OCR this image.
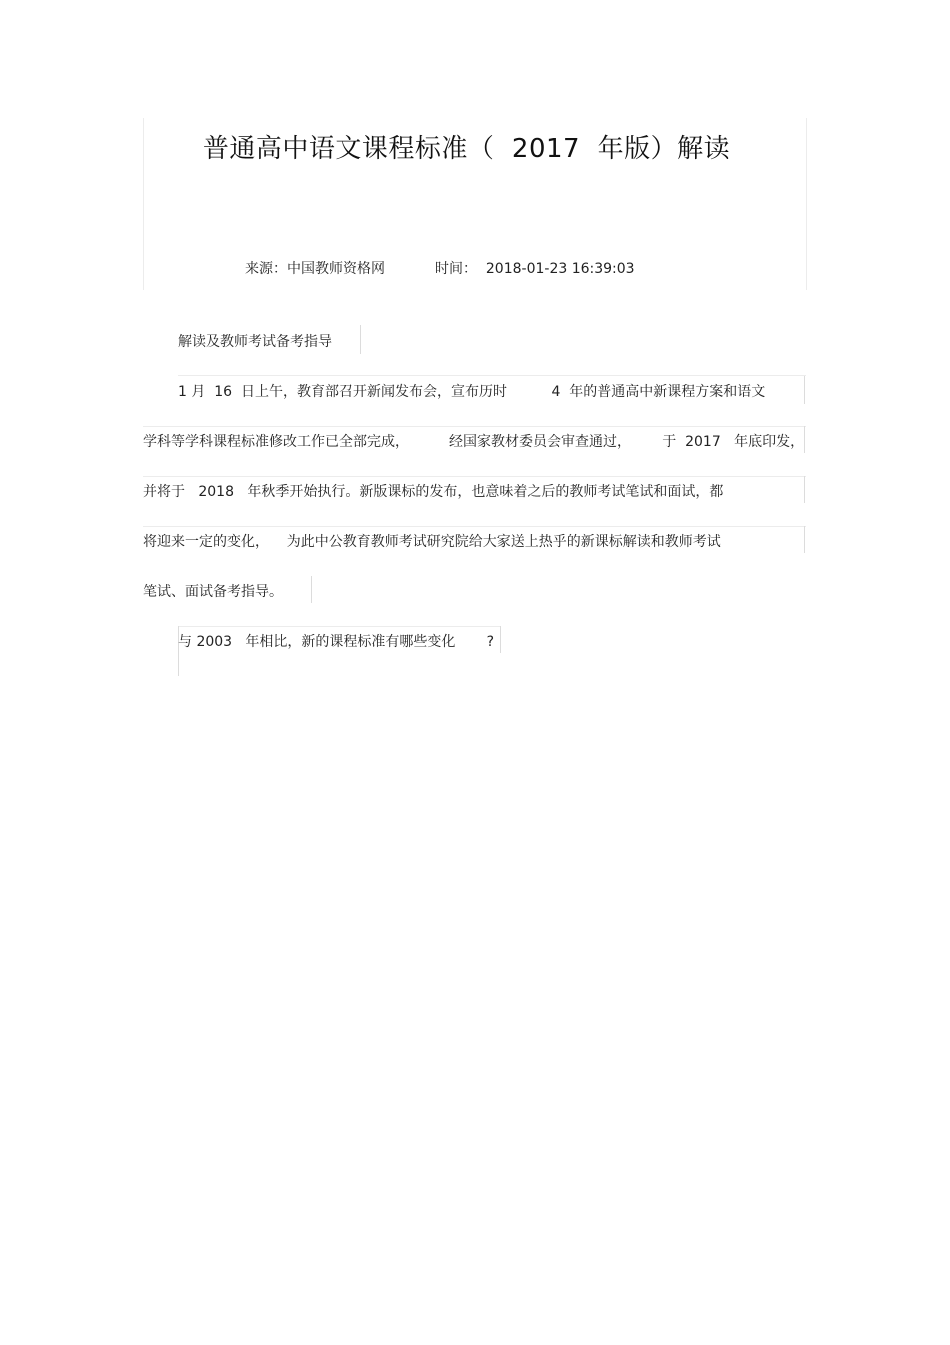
普通高中语文课程标准（  2017  年版）解读
来源：中国教师资格网	时间：  2018-01-23 16:39:03
解读及教师考试备考指导
1 月  16  日上午，教育部召开新闻发布会，宣布历时          4  年的普通高中新课程方案和语文
学科等学科课程标准修改工作已全部完成，         经国家教材委员会审查通过，       于  2017   年底印发，
并将于   2018   年秋季开始执行。新版课标的发布，也意味着之后的教师考试笔试和面试，都
将迎来一定的变化，    为此中公教育教师考试研究院给大家送上热乎的新课标解读和教师考试
笔试、面试备考指导。
与 2003   年相比，新的课程标准有哪些变化       ?
